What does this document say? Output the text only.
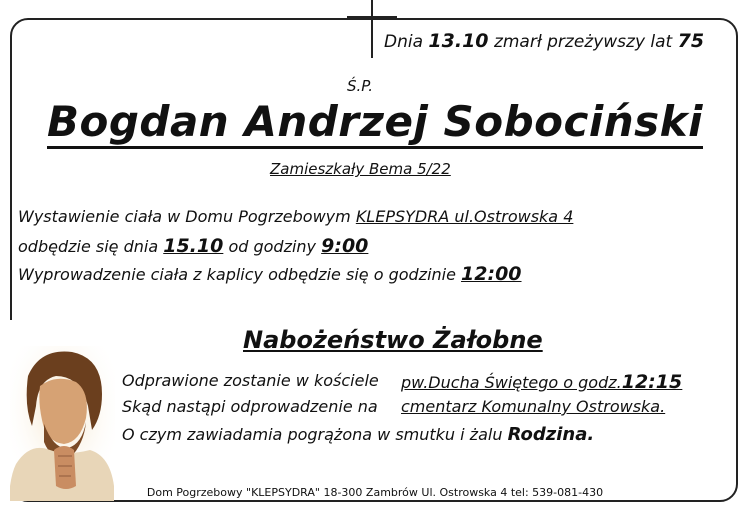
Dnia 13.10 zmarł przeżywszy lat 75
Ś.P.
Bogdan Andrzej Sobociński
Zamieszkały Bema 5/22
Wystawienie ciała w Domu Pogrzebowym KLEPSYDRA ul.Ostrowska 4
odbędzie się dnia 15.10 od godziny 9:00
Wyprowadzenie ciała z kaplicy odbędzie się o godzinie 12:00
Nabożeństwo Żałobne
Odprawione zostanie w kościele pw.Ducha Świętego o godz.12:15
Skąd nastąpi odprowadzenie na cmentarz Komunalny Ostrowska.
O czym zawiadamia pogrążona w smutku i żalu Rodzina.
Dom Pogrzebowy "KLEPSYDRA" 18-300 Zambrów Ul. Ostrowska 4 tel: 539-081-430
